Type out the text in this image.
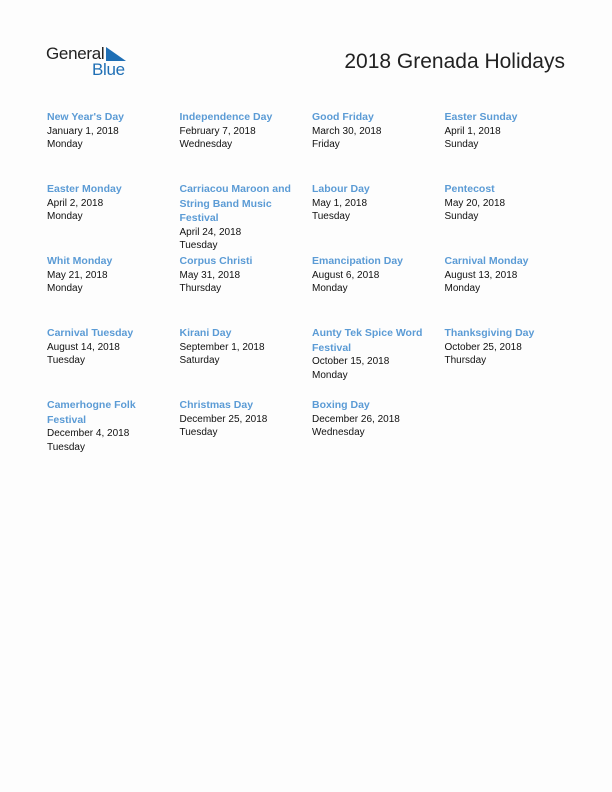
General
Blue	2018 Grenada Holidays
New Year's Day
January 1, 2018
Monday
Independence Day
February 7, 2018
Wednesday
Good Friday
March 30, 2018
Friday
Easter Sunday
April 1, 2018
Sunday
Easter Monday
April 2, 2018
Monday
Carriacou Maroon and String Band Music Festival
April 24, 2018
Tuesday
Labour Day
May 1, 2018
Tuesday
Pentecost
May 20, 2018
Sunday
Whit Monday
May 21, 2018
Monday
Corpus Christi
May 31, 2018
Thursday
Emancipation Day
August 6, 2018
Monday
Carnival Monday
August 13, 2018
Monday
Carnival Tuesday
August 14, 2018
Tuesday
Kirani Day
September 1, 2018
Saturday
Aunty Tek Spice Word Festival
October 15, 2018
Monday
Thanksgiving Day
October 25, 2018
Thursday
Camerhogne Folk Festival
December 4, 2018
Tuesday
Christmas Day
December 25, 2018
Tuesday
Boxing Day
December 26, 2018
Wednesday
